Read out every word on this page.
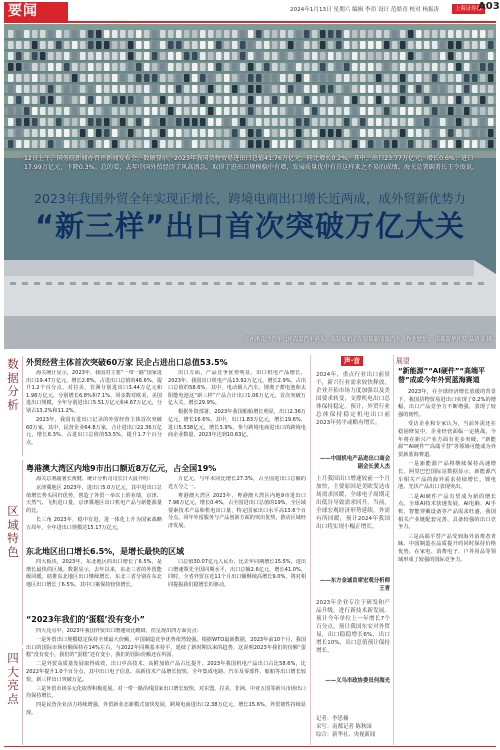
要闻	2024年1月13日 星期六 编辑 李昂 设计 范皓青 校对 杨振涛	上海证券报
A03
12日上午，国务院新闻办召开新闻发布会。数据显示，2023年我国货物贸易进出口总值41.76万亿元，同比增长0.2%。其中，出口23.77万亿元，增长0.6%；进口17.99万亿元，下降0.3%。总的看，去年中国外贸经历了风高浪急，取得了进出口规模稳中有增，发展质量优中有升这样来之不易的成绩。海关总署副署长王令浚说。
2023年我国外贸全年实现正增长，跨境电商出口增长近两成，成外贸新优势力
“新三样”出口首次突破万亿大关
广州港南沙汽车口岸海嘉汽车码头，滚装船舶正在装载新能源汽车，作业繁忙。 南都新华社发 品质金 摄
数据分析
区域特色
四大亮点
外贸经营主体首次突破60万家 民企占进出口总值53.5%

海关统计显示，2023年，我国对主要“一带一路”国家进出口19.47万亿元，增长2.8%，占进出口总值的46.6%，提升1.2个百分点。对拉美、非洲分别进出口3.44万亿元和1.98万亿元，分别增长6.8%和7.1%。同多数对欧美，美国进出口规模，全年分别进出口5.51万亿元和4.67万亿元，分别占13.2%和11.2%。

2023年，我国有进出口记录的外贸经营主体首次突破60万家，其中，民营企业64.8万家，合计进出口22.36万亿元，增长6.3%，占进出口总值的53.5%，提升1.7个百分点。

出口方面，产品竞争优势明显，出口机电产品增长，2023年，我国出口机电产品13.92万亿元，增长2.9%，占出口总值的58.6%，其中，电动载人汽车、锂离子蓄电池和太阳能电池这“新三样”产品合计出口1.06万亿元，首次突破万亿大关，增长29.9%。

根据外资部署，2023年我国船舶增长明显，出口2.36万亿元，增长16.6%，其中，出口1.83万亿元，增长19.6%，进口5,538亿元，增长3.9%，参与跨境电商进出口的跨境电商企业数量，2023年达到10.63亿。

粤港澳大湾区内地9市出口额近8万亿元，占全国19%

海关总署副署长黄健、统计分析司司长日大晨介绍：

京津冀地区 2023年，进出口5.0万亿元，其中进出口总值增长势头回归优势，创造了外贸一举以上的业绩，京津、天然气、飞机进口量，京津冀地区出口机电产品与新能源量的比。

长三角 2023年，稳中有进，进一体化上升为国家战略五周年，全年进出口规模达15.17万亿元，

万亿元，与年末同比增长27.3%，占全国进出口总额的近五分之一。

粤港澳大湾区 2023年，粤港澳大湾区内地9市进出口7.96万亿元，增长0.4%，占全国进出口总值的19%，全区域要素技术产品和机电出口量，特定国家出口水平高13.6个百分点。同年外留服务与产品创新方面的突出优势，推动区域经济发展。

东北地区出口增长6.5%，是增长最快的区域

四大板块，2023年，东北地区的出口增长了6.5%，是增长最快的区域。数据显示，去年以来，东北三省的外贸能级回暖，助推东北地区出口继续增长，东北三省分别在东北地区出口增长了6.5%，其中口案保持较快增长。

口总值30.07亿元人民币，比去年同期增长15.5%，进出口增速领先全国同期水平，出口总额2.6亿元，增长41.0%，同时，全省外贸在近11个月出口额继续高增长9.0%，将对相同提振我们稳增长的驱动。

“2023年我们的‘蛋糕’没有变小”

四大亮点中，2023年我国外贸出口增速同比略降，但呈现出四方面亮点：

一是外贸出口规模稳定保持全球最大份额，中国制造竞争优势依然较强。根据WTO最新数据，2023年前10个月，我国出口的国际市场份额保持在14%左右，与2022年同期基本持平，延续了新时期以来的趋势，这说明2023年我们的份额“蛋糕”没有变小，我们的“蛋糕”还有变小，我们的国际份额还在巩固。

二是外贸高质量发展取得成效，出口中高技术、高附加值产品占比提升。2023年我国机电产品出口占比58.6%，比2022年提升1.0个百分点，其中出口电子信息、高新技术产品增长较快，全年集成电路、汽车及零部件、船舶等出口增长较快，新三样出口突破万亿。

三是外贸市场多元化取得积极进展，对一带一路沿线国家出口增长较快，对东盟、拉美、非洲、中亚五国等新兴市场出口均保持增长。

四是民营企业活力持续增强，外贸新业态新模式加快发展，跨境电商进出口2.38万亿元，增长15.6%，外贸韧性持续显现。

声·音
2024年，重点行业出口前景不，新兴行业需求较快释放，企业开拓市场力度加强以及美国要求转变，支撑机电出口总体保持稳定。预计，外贸行业总体保持稳定机电出口前2023年持平或略有增长。
——中国机电产品进出口商会副会长黄人杰
上月我国出口增速较前一个月加快，主要原因是美欧发达市场需求回暖，全球电子周期走出低谷导致需求回升。当前，全球宏观经济形势延续，外需有所回暖，预计2024年我国出口将实现小幅正增长。
——东方金诚首席宏观分析师王青
2023年企业专注于研发和产品升级，进行新技术新发展。预计今年单位上一年增长7个百分点，预计我国东安对外贸易，出口稳稳增长6%，出口增长10%，出口总值预计保持增长。
——义乌市政协委员何海光
记者：李思楠
采写：南都记者 陈秋园
综合：新华社、央视新闻
展望
“新能源”“AI硬件”“高端平替”成或今年外贸蓝海赛道

2023年，在全球经济增长放缓的背景下，我国货物贸易进出口实现了0.2%的增幅，出口产品竞争力不断增强，表现了较强的韧性。

受访企业和专家认为，当前外需还在稳固修复中，企业经营面临一定挑战。今年将在新兴产业方面有更多突破，“新能源”“AI硬件”“高端平替”等领域可能成为外贸新蓝海赛道。

一是新能源产品将继续保持高速增长。阿里巴巴国际站数据显示，新能源汽车相关产品的海外需求持续增长，锂电池、光伏产品出口表现突出。

二是AI硬件产品有望成为新的增长点。全球AI技术快速发展，AI电脑、AI手机、智能穿戴设备等产品需求旺盛，我国相关产业链配套完善，具备较强的出口竞争力。

三是高端平替产品受到海外消费者青睐。中国制造在品质提升的同时保持价格优势，在家电、消费电子、户外用品等领域形成了较强的国际竞争力。
